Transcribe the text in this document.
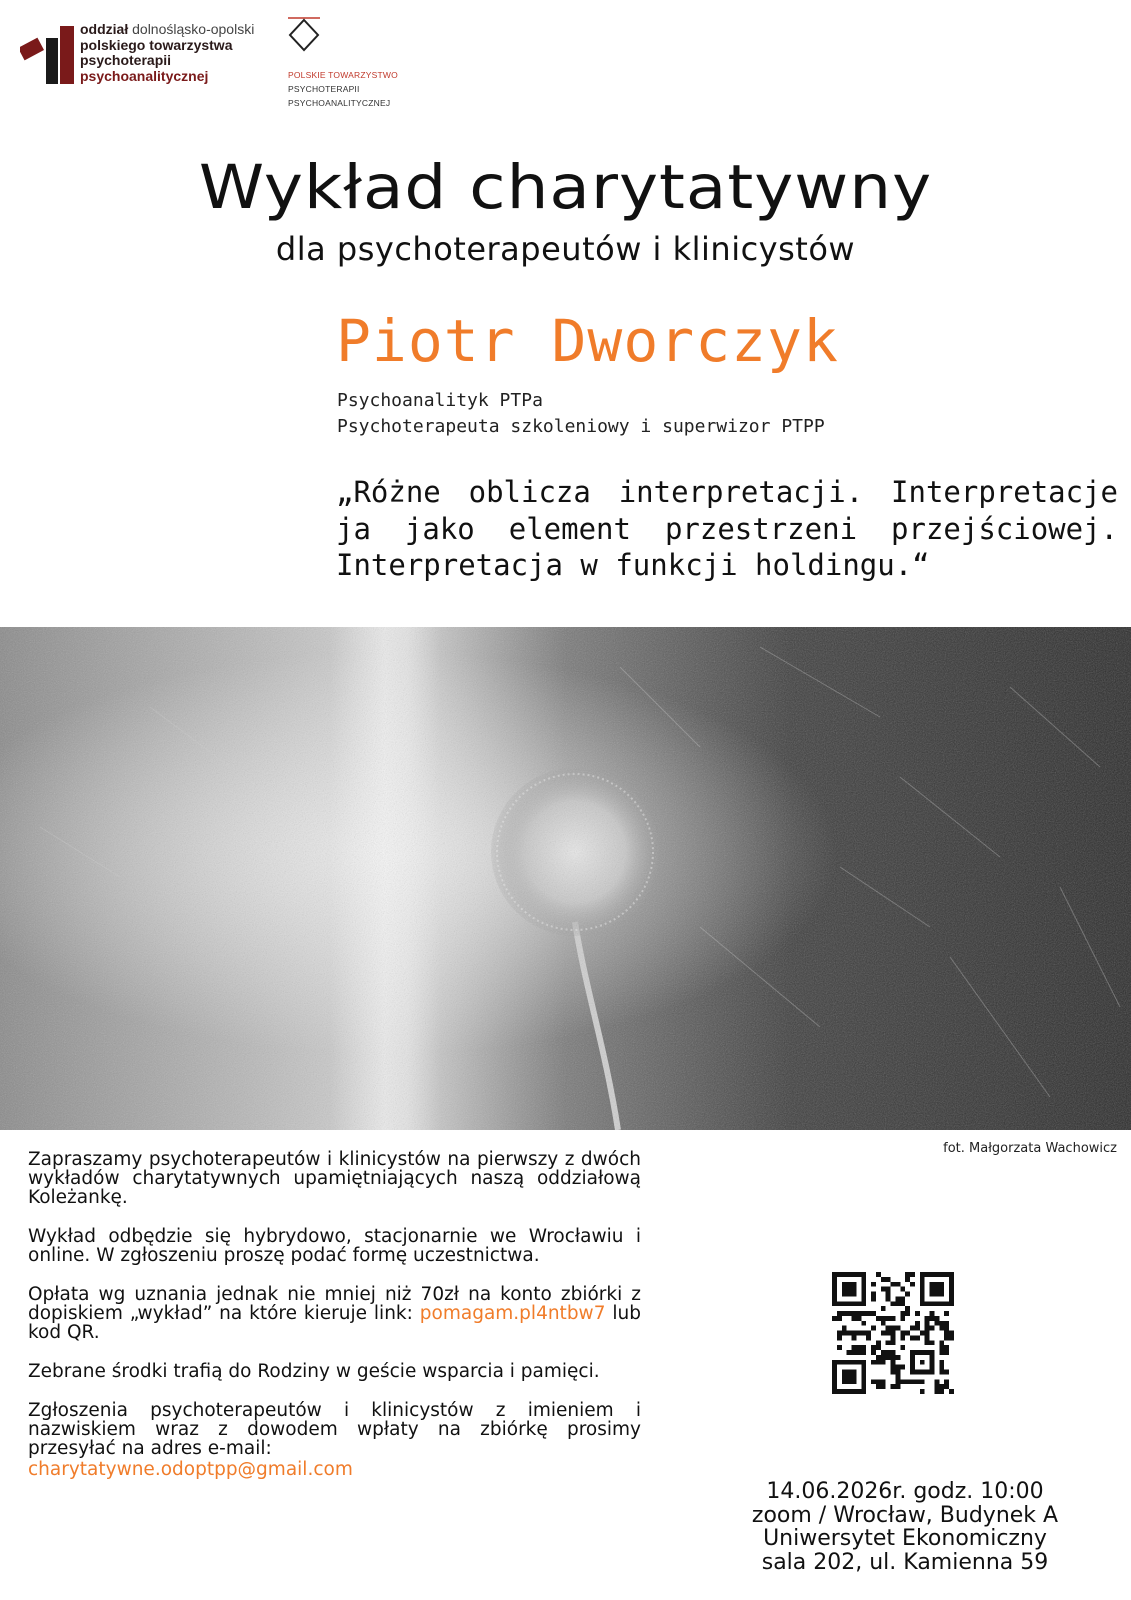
oddział dolnośląsko-opolski
polskiego towarzystwa
psychoterapii
psychoanalitycznej	POLSKIE TOWARZYSTWO
PSYCHOTERAPII
PSYCHOANALITYCZNEJ
Wykład charytatywny
dla psychoterapeutów i klinicystów
Piotr Dworczyk
Psychoanalityk PTPa
Psychoterapeuta szkoleniowy i superwizor PTPP
„Różne oblicza interpretacji. Interpretacje ja jako element przestrzeni przejściowej. Interpretacja w funkcji holdingu.“
fot. Małgorzata Wachowicz

Zapraszamy psychoterapeutów i klinicystów na pierwszy z dwóch wykładów charytatywnych upamiętniających naszą oddziałową Koleżankę.

Wykład odbędzie się hybrydowo, stacjonarnie we Wrocławiu i online. W zgłoszeniu proszę podać formę uczestnictwa.

Opłata wg uznania jednak nie mniej niż 70zł na konto zbiórki z dopiskiem „wykład” na które kieruje link: pomagam.pl4ntbw7 lub kod QR.

Zebrane środki trafią do Rodziny w geście wsparcia i pamięci.

Zgłoszenia psychoterapeutów i klinicystów z imieniem i nazwiskiem wraz z dowodem wpłaty na zbiórkę prosimy przesyłać na adres e-mail:

charytatywne.odoptpp@gmail.com
14.06.2026r. godz. 10:00
zoom / Wrocław, Budynek A
Uniwersytet Ekonomiczny
sala 202, ul. Kamienna 59
